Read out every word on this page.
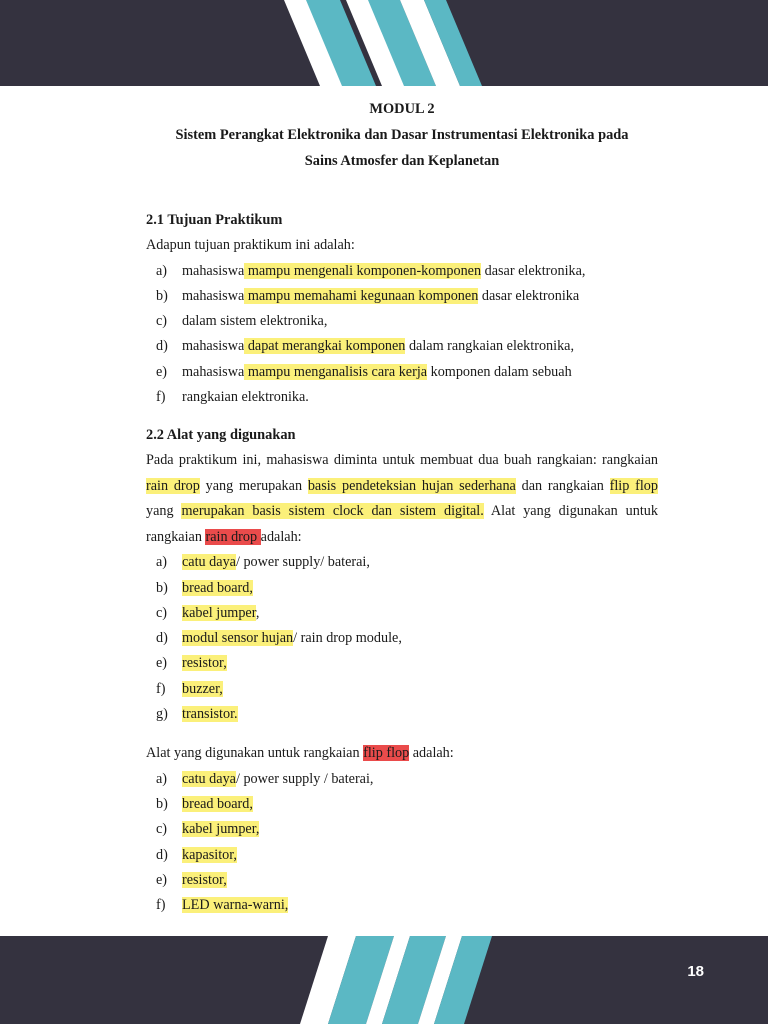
MODUL 2
Sistem Perangkat Elektronika dan Dasar Instrumentasi Elektronika pada
Sains Atmosfer dan Keplanetan
2.1 Tujuan Praktikum
Adapun tujuan praktikum ini adalah:
a)	mahasiswa mampu mengenali komponen-komponen dasar elektronika,
b) mahasiswa mampu memahami kegunaan komponen dasar elektronika
c)	dalam sistem elektronika,
d) mahasiswa dapat merangkai komponen dalam rangkaian elektronika,
e)	mahasiswa mampu menganalisis cara kerja komponen dalam sebuah
f)	rangkaian elektronika.
2.2 Alat yang digunakan
Pada praktikum ini, mahasiswa diminta untuk membuat dua buah rangkaian: rangkaian rain drop yang merupakan basis pendeteksian hujan sederhana dan rangkaian flip flop yang merupakan basis sistem clock dan sistem digital. Alat yang digunakan untuk rangkaian rain drop adalah:
a)	catu daya/ power supply/ baterai,
b) bread board,
c)	kabel jumper,
d) modul sensor hujan/ rain drop module,
e)	resistor,
f)	buzzer,
g) transistor.
Alat yang digunakan untuk rangkaian flip flop adalah:
a)	catu daya/ power supply / baterai,
b) bread board,
c)	kabel jumper,
d) kapasitor,
e)	resistor,
f)	LED warna-warni,
18
